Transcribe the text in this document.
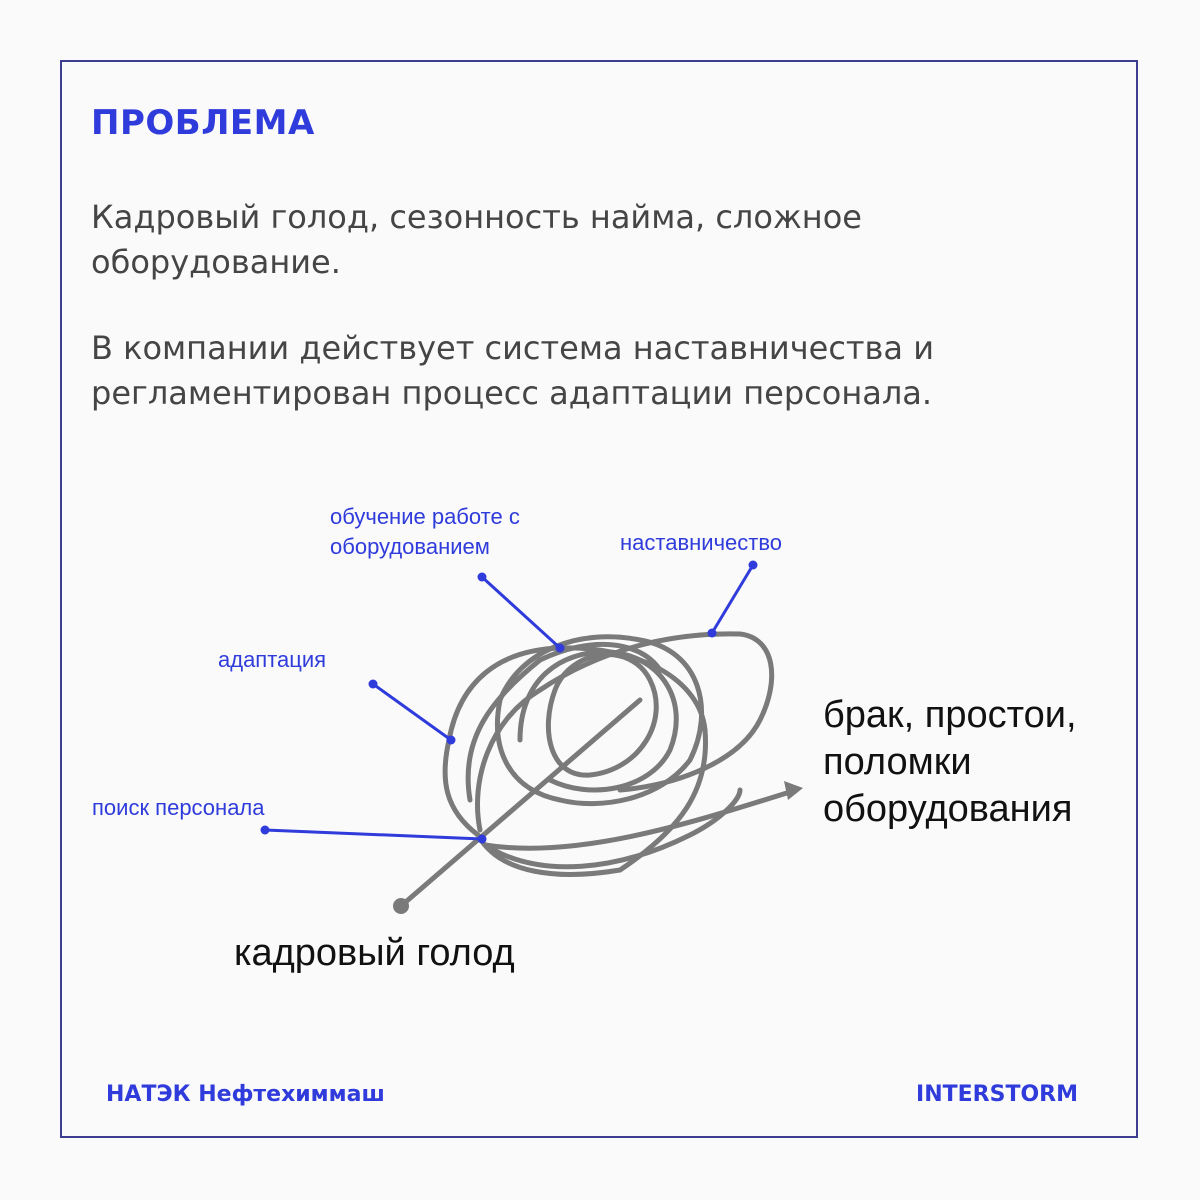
ПРОБЛЕМА

Кадровый голод, сезонность найма, сложное оборудование.

В компании действует система наставничества и регламентирован процесс адаптации персонала.

обучение работе с оборудованием	наставничество
адаптация
поиск персонала
кадровый голод
брак, простои, поломки оборудования
НАТЭК Нефтехиммаш	INTERSTORM
